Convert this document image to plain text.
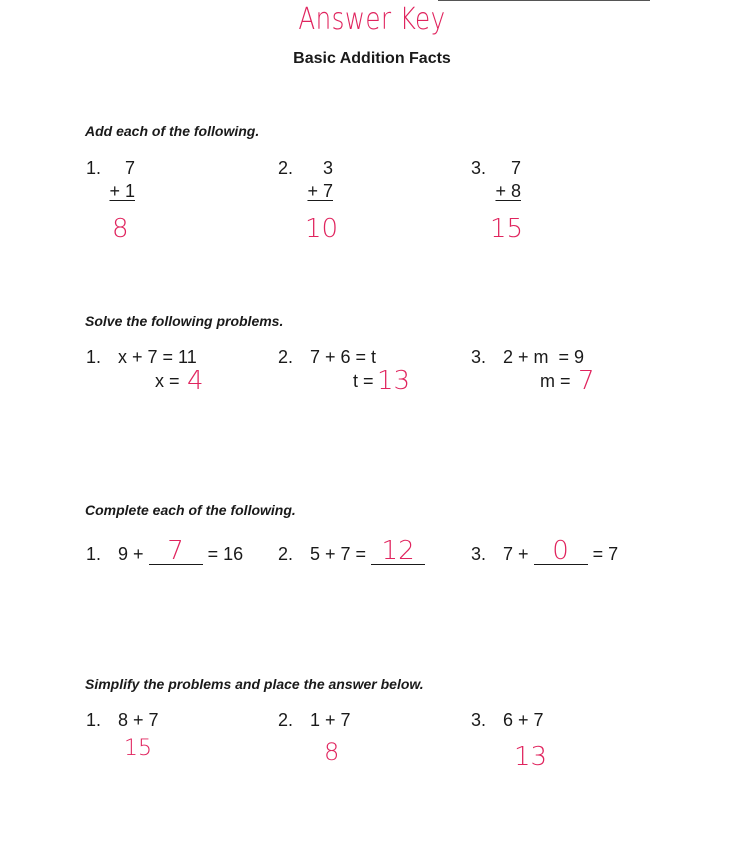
Answer Key
Basic Addition Facts
Add each of the following.
1.	7
+ 1
8
2.	3
+ 7
10
3.	7
+ 8
15
Solve the following problems.
1. x + 7 = 11
x = 4
2. 7 + 6 = t
t = 13
3. 2 + m  = 9
m = 7
Complete each of the following.
1. 9 + 7	= 16 2. 5 + 7 = 12	3. 7 + 0	= 7
Simplify the problems and place the answer below.
1. 8 + 7
15
2. 1 + 7
8
3. 6 + 7
13
